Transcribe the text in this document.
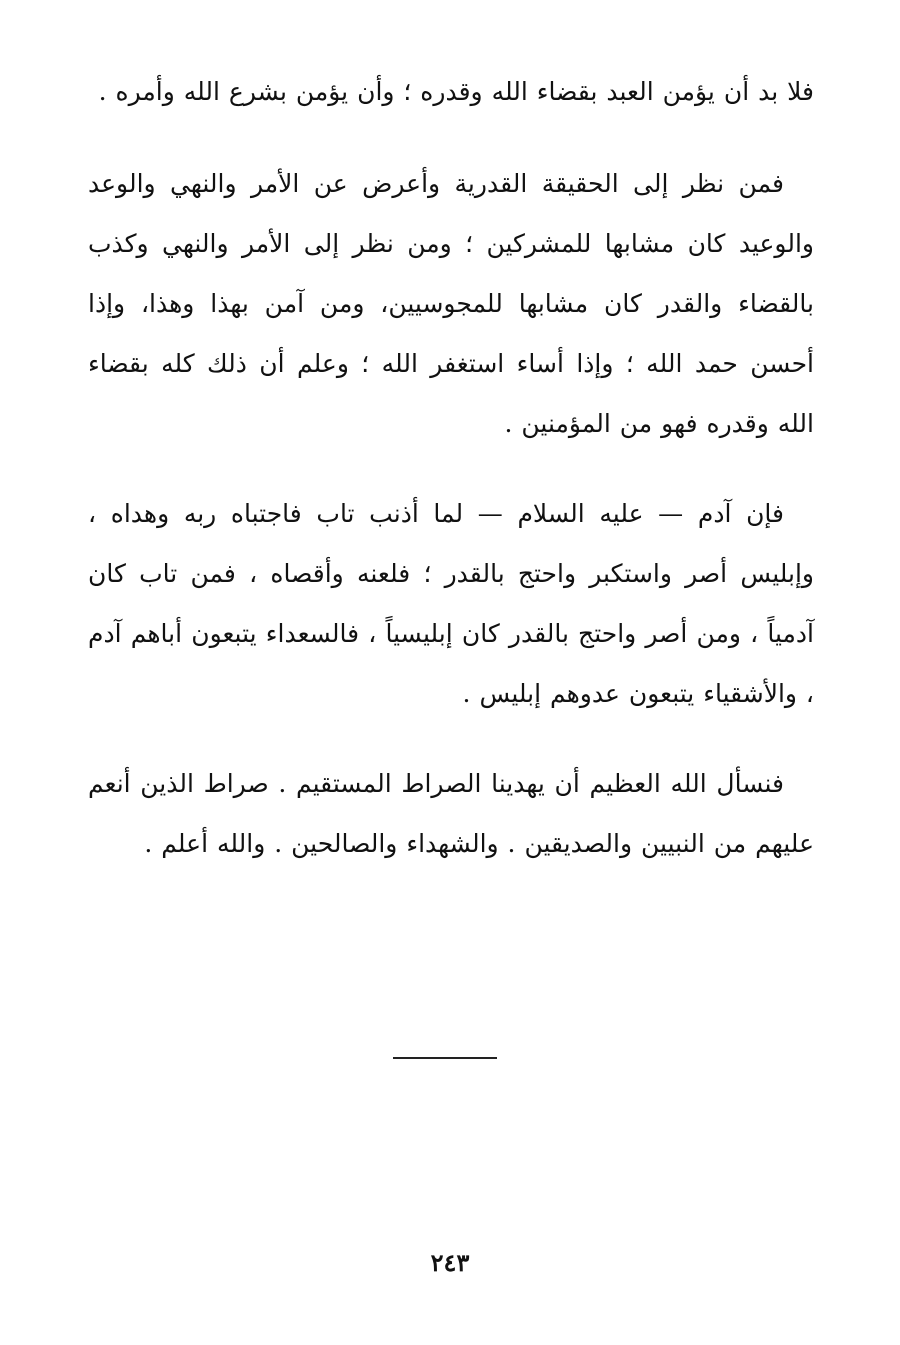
فلا بد أن يؤمن العبد بقضاء الله وقدره ؛ وأن يؤمن بشرع الله وأمره .

فمن نظر إلى الحقيقة القدرية وأعرض عن الأمر والنهي والوعد والوعيد كان مشابها للمشركين ؛ ومن نظر إلى الأمر والنهي وكذب بالقضاء والقدر كان مشابها للمجوسيين، ومن آمن بهذا وهذا، وإذا أحسن حمد الله ؛ وإذا أساء استغفر الله ؛ وعلم أن ذلك كله بقضاء الله وقدره فهو من المؤمنين .

فإن آدم — عليه السلام — لما أذنب تاب فاجتباه ربه وهداه ، وإبليس أصر واستكبر واحتج بالقدر ؛ فلعنه وأقصاه ، فمن تاب كان آدمياً ، ومن أصر واحتج بالقدر كان إبليسياً ، فالسعداء يتبعون أباهم آدم ، والأشقياء يتبعون عدوهم إبليس .

فنسأل الله العظيم أن يهدينا الصراط المستقيم . صراط الذين أنعم عليهم من النبيين والصديقين . والشهداء والصالحين . والله أعلم .

٢٤٣
